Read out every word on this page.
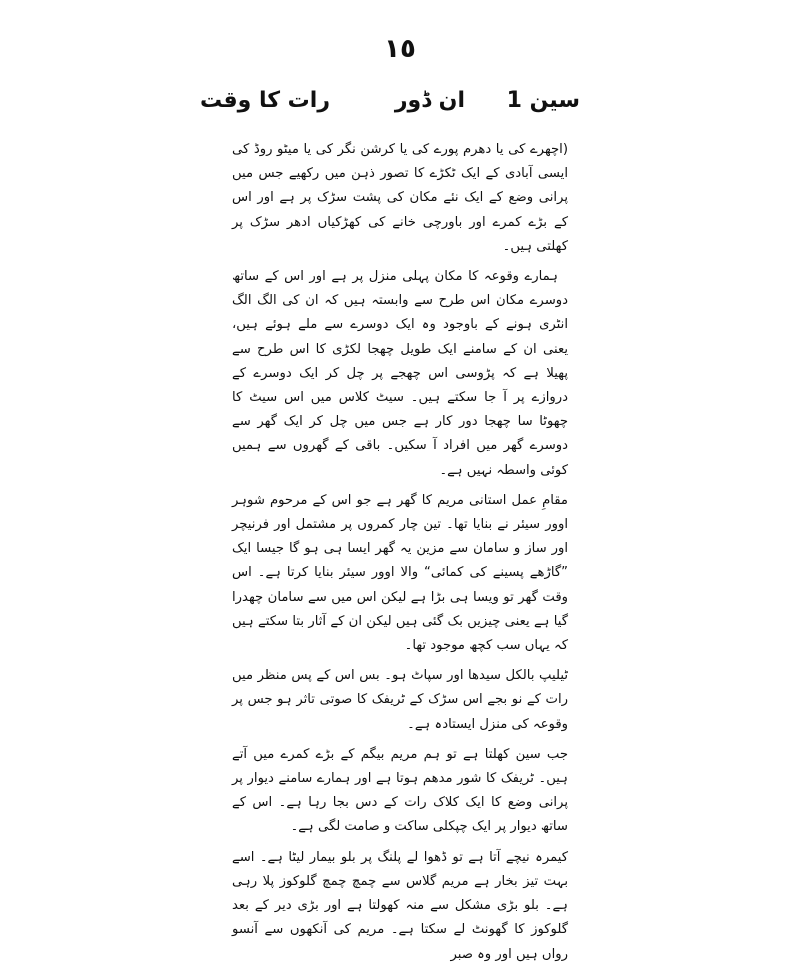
١٥
سین 1
ان ڈور
رات کا وقت

(اچھرے کی یا دھرم پورے کی یا کرشن نگر کی یا میٹو روڈ کی ایسی آبادی کے ایک ٹکڑے کا تصور ذہن میں رکھیے جس میں پرانی وضع کے ایک نئے مکان کی پشت سڑک پر ہے اور اس کے بڑے کمرے اور باورچی خانے کی کھڑکیاں ادھر سڑک پر کھلتی ہیں۔

ہمارے وقوعہ کا مکان پہلی منزل پر ہے اور اس کے ساتھ دوسرے مکان اس طرح سے وابستہ ہیں کہ ان کی الگ الگ انٹری ہونے کے باوجود وہ ایک دوسرے سے ملے ہوئے ہیں، یعنی ان کے سامنے ایک طویل چھجا لکڑی کا اس طرح سے پھیلا ہے کہ پڑوسی اس چھجے پر چل کر ایک دوسرے کے دروازے پر آ جا سکتے ہیں۔ سیٹ کلاس میں اس سیٹ کا چھوٹا سا چھجا دور کار ہے جس میں چل کر ایک گھر سے دوسرے گھر میں افراد آ سکیں۔ باقی کے گھروں سے ہمیں کوئی واسطہ نہیں ہے۔

مقامِ عمل استانی مریم کا گھر ہے جو اس کے مرحوم شوہر اوور سیئر نے بنایا تھا۔ تین چار کمروں پر مشتمل اور فرنیچر اور ساز و سامان سے مزین یہ گھر ایسا ہی ہو گا جیسا ایک ”گاڑھے پسینے کی کمائی“ والا اوور سیئر بنایا کرتا ہے۔ اس وقت گھر تو ویسا ہی بڑا ہے لیکن اس میں سے سامان چھدرا گیا ہے یعنی چیزیں بک گئی ہیں لیکن ان کے آثار بتا سکتے ہیں کہ یہاں سب کچھ موجود تھا۔

ٹیلیپ بالکل سیدھا اور سپاٹ ہو۔ بس اس کے پس منظر میں رات کے نو بجے اس سڑک کے ٹریفک کا صوتی تاثر ہو جس پر وقوعہ کی منزل ایستادہ ہے۔

جب سین کھلتا ہے تو ہم مریم بیگم کے بڑے کمرے میں آتے ہیں۔ ٹریفک کا شور مدھم ہوتا ہے اور ہمارے سامنے دیوار پر پرانی وضع کا ایک کلاک رات کے دس بجا رہا ہے۔ اس کے ساتھ دیوار پر ایک چپکلی ساکت و صامت لگی ہے۔

کیمرہ نیچے آتا ہے تو ڈھوا لے پلنگ پر بلو بیمار لیٹا ہے۔ اسے بہت تیز بخار ہے مریم گلاس سے چمچ چمچ گلوکوز پلا رہی ہے۔ بلو بڑی مشکل سے منہ کھولتا ہے اور بڑی دیر کے بعد گلوکوز کا گھونٹ لے سکتا ہے۔ مریم کی آنکھوں سے آنسو رواں ہیں اور وہ صبر
